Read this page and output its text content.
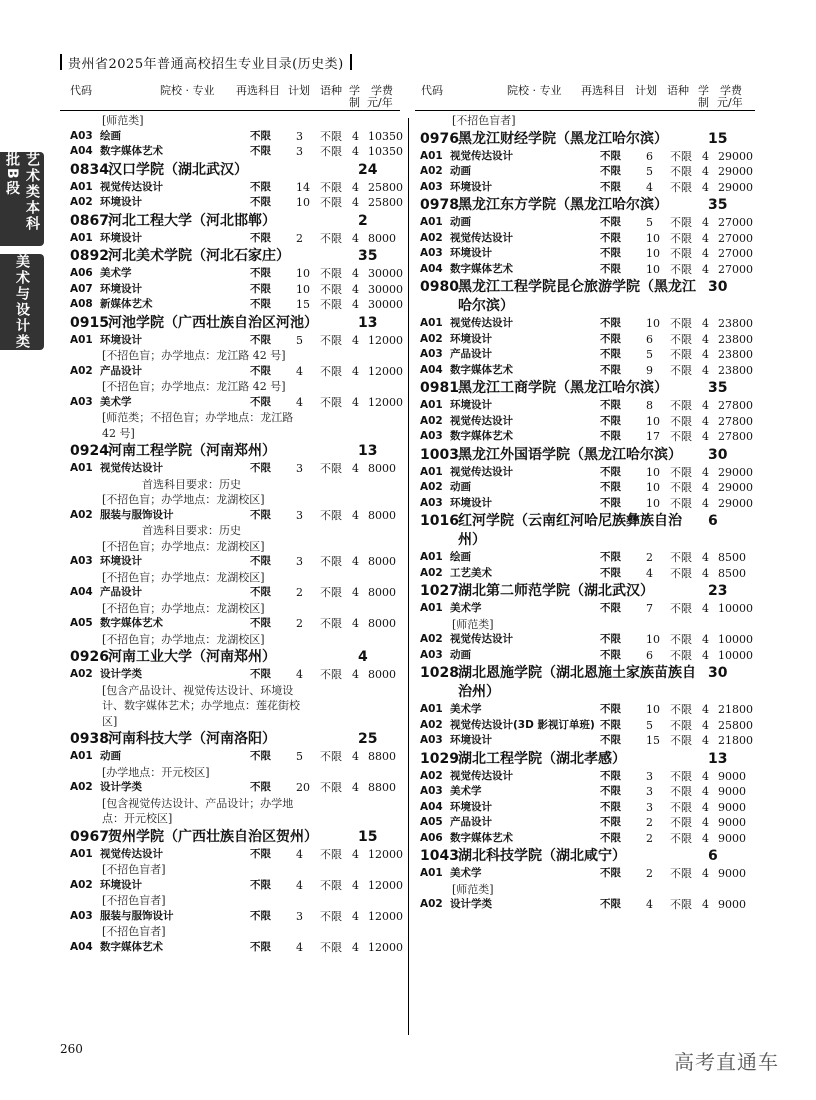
贵州省2025年普通高校招生专业目录(历史类)
代码	院校 · 专业 再选科目 计划 语种 学
制
学费
元/年
代码	院校 · 专业 再选科目 计划 语种 学
制
学费
元/年
艺术类本科批B段
美术与设计类
[师范类]
A03 绘画	不限 3 不限 4 10350
A04 数字媒体艺术	不限 3 不限 4 10350
0834 汉口学院（湖北武汉）	24
A01 视觉传达设计	不限 14 不限 4 25800
A02 环境设计	不限 10 不限 4 25800
0867 河北工程大学（河北邯郸）	2
A01 环境设计	不限 2 不限 4 8000
0892 河北美术学院（河北石家庄）	35
A06 美术学	不限 10 不限 4 30000
A07 环境设计	不限 10 不限 4 30000
A08 新媒体艺术	不限 15 不限 4 30000
0915 河池学院（广西壮族自治区河池）	13
A01 环境设计	不限 5 不限 4 12000
[不招色盲；办学地点：龙江路 42 号]
A02 产品设计	不限 4 不限 4 12000
[不招色盲；办学地点：龙江路 42 号]
A03 美术学	不限 4 不限 4 12000
[师范类；不招色盲；办学地点：龙江路 42 号]
0924 河南工程学院（河南郑州）	13
A01 视觉传达设计	不限 3 不限 4 8000
首选科目要求：历史
[不招色盲；办学地点：龙湖校区]
A02 服装与服饰设计	不限 3 不限 4 8000
首选科目要求：历史
[不招色盲；办学地点：龙湖校区]
A03 环境设计	不限 3 不限 4 8000
[不招色盲；办学地点：龙湖校区]
A04 产品设计	不限 2 不限 4 8000
[不招色盲；办学地点：龙湖校区]
A05 数字媒体艺术	不限 2 不限 4 8000
[不招色盲；办学地点：龙湖校区]
0926 河南工业大学（河南郑州）	4
A02 设计学类	不限 4 不限 4 8000
[包含产品设计、视觉传达设计、环境设计、数字媒体艺术；办学地点：莲花街校区]
0938 河南科技大学（河南洛阳）	25
A01 动画	不限 5 不限 4 8800
[办学地点：开元校区]
A02 设计学类	不限 20 不限 4 8800
[包含视觉传达设计、产品设计；办学地点：开元校区]
0967 贺州学院（广西壮族自治区贺州）	15
A01 视觉传达设计	不限 4 不限 4 12000
[不招色盲者]
A02 环境设计	不限 4 不限 4 12000
[不招色盲者]
A03 服装与服饰设计	不限 3 不限 4 12000
[不招色盲者]
A04 数字媒体艺术	不限 4 不限 4 12000
[不招色盲者]
0976 黑龙江财经学院（黑龙江哈尔滨）	15
A01 视觉传达设计	不限 6 不限 4 29000
A02 动画	不限 5 不限 4 29000
A03 环境设计	不限 4 不限 4 29000
0978 黑龙江东方学院（黑龙江哈尔滨）	35
A01 动画	不限 5 不限 4 27000
A02 视觉传达设计	不限 10 不限 4 27000
A03 环境设计	不限 10 不限 4 27000
A04 数字媒体艺术	不限 10 不限 4 27000
0980 黑龙江工程学院昆仑旅游学院（黑龙江哈尔滨）
30
A01 视觉传达设计	不限 10 不限 4 23800
A02 环境设计	不限 6 不限 4 23800
A03 产品设计	不限 5 不限 4 23800
A04 数字媒体艺术	不限 9 不限 4 23800
0981 黑龙江工商学院（黑龙江哈尔滨）	35
A01 环境设计	不限 8 不限 4 27800
A02 视觉传达设计	不限 10 不限 4 27800
A03 数字媒体艺术	不限 17 不限 4 27800
1003 黑龙江外国语学院（黑龙江哈尔滨）	30
A01 视觉传达设计	不限 10 不限 4 29000
A02 动画	不限 10 不限 4 29000
A03 环境设计	不限 10 不限 4 29000
1016 红河学院（云南红河哈尼族彝族自治州）
6
A01 绘画	不限 2 不限 4 8500
A02 工艺美术	不限 4 不限 4 8500
1027 湖北第二师范学院（湖北武汉）	23
A01 美术学	不限 7 不限 4 10000
[师范类]
A02 视觉传达设计	不限 10 不限 4 10000
A03 动画	不限 6 不限 4 10000
1028 湖北恩施学院（湖北恩施土家族苗族自治州）
30
A01 美术学	不限 10 不限 4 21800
A02 视觉传达设计(3D 影视订单班) 不限 5 不限 4 25800
A03 环境设计	不限 15 不限 4 21800
1029 湖北工程学院（湖北孝感）	13
A02 视觉传达设计	不限 3 不限 4 9000
A03 美术学	不限 3 不限 4 9000
A04 环境设计	不限 3 不限 4 9000
A05 产品设计	不限 2 不限 4 9000
A06 数字媒体艺术	不限 2 不限 4 9000
1043 湖北科技学院（湖北咸宁）	6
A01 美术学	不限 2 不限 4 9000
[师范类]
A02 设计学类	不限 4 不限 4 9000
260
高考直通车
